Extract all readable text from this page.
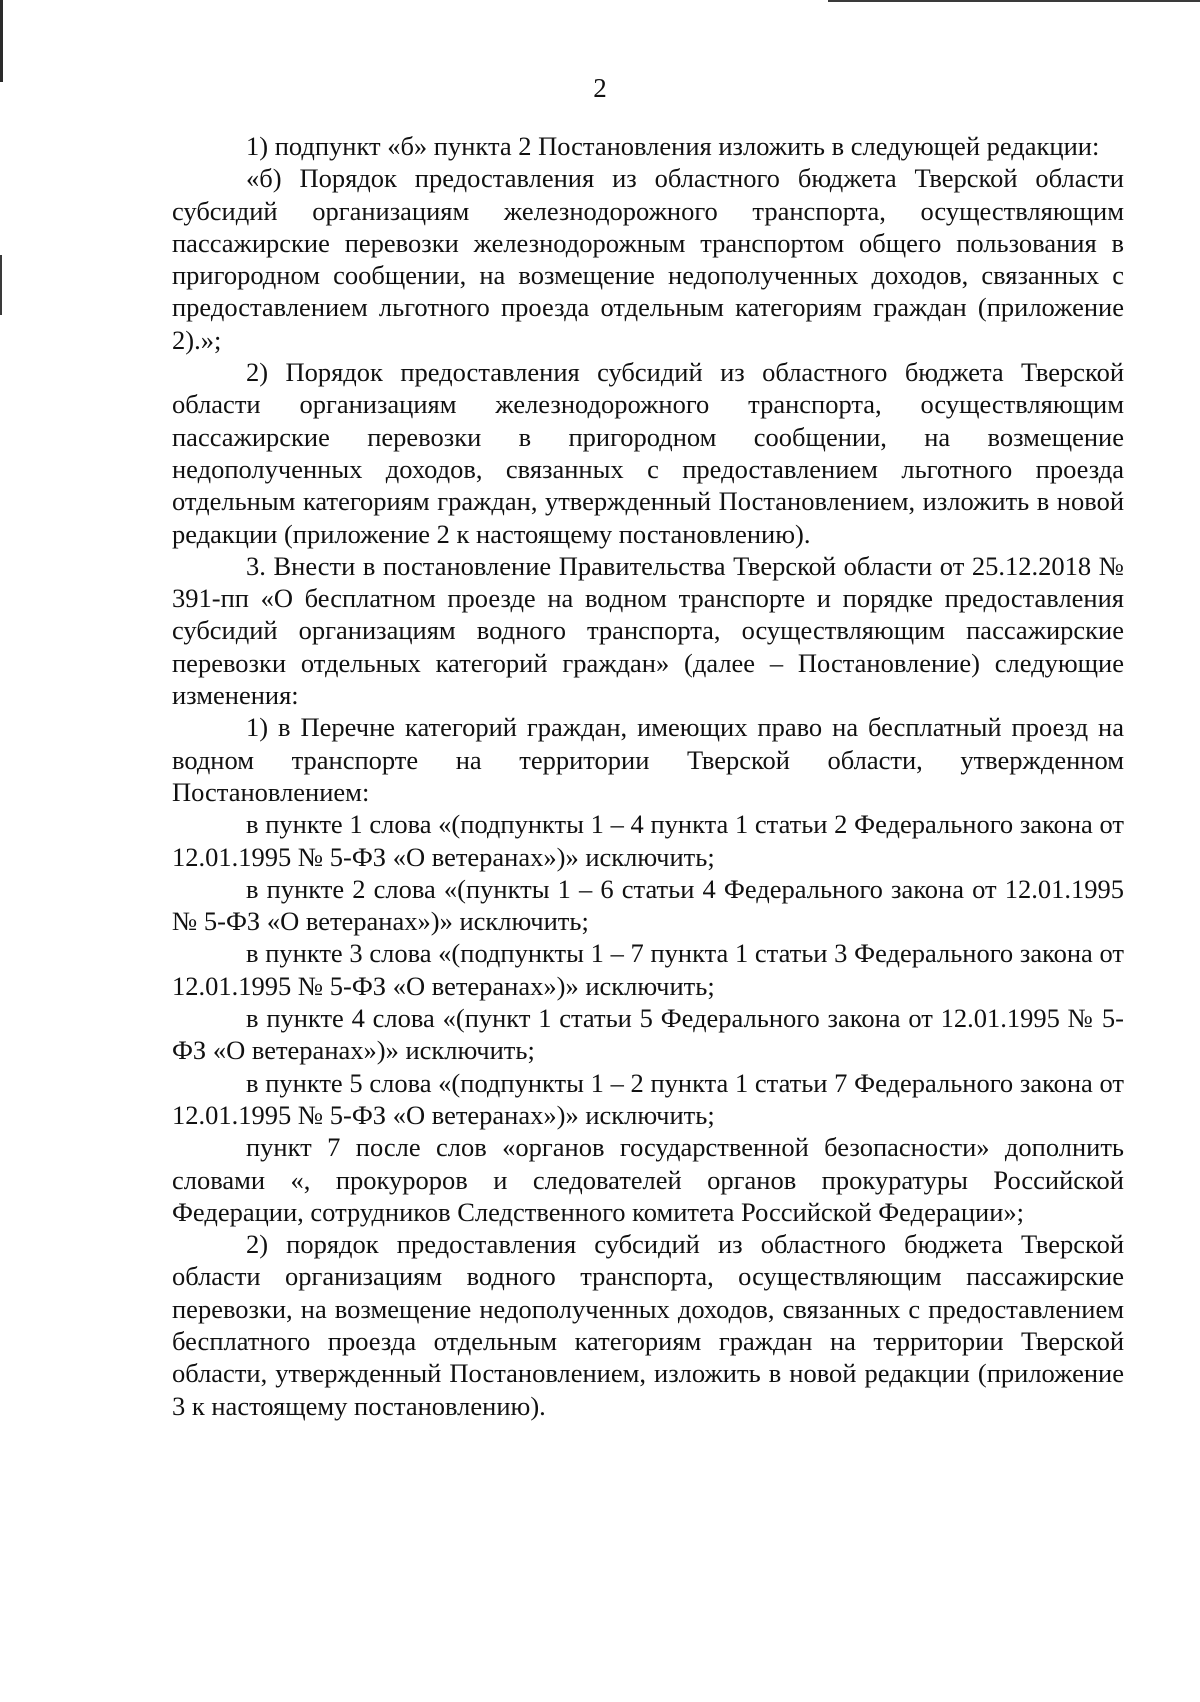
2

1) подпункт «б» пункта 2 Постановления изложить в следующей редакции:

«б) Порядок предоставления из областного бюджета Тверской области субсидий организациям железнодорожного транспорта, осуществляющим пассажирские перевозки железнодорожным транспортом общего пользования в пригородном сообщении, на возмещение недополученных доходов, связанных с предоставлением льготного проезда отдельным категориям граждан (приложение 2).»;

2) Порядок предоставления субсидий из областного бюджета Тверской области организациям железнодорожного транспорта, осуществляющим пассажирские перевозки в пригородном сообщении, на возмещение недополученных доходов, связанных с предоставлением льготного проезда отдельным категориям граждан, утвержденный Постановлением, изложить в новой редакции (приложение 2 к настоящему постановлению).

3. Внести в постановление Правительства Тверской области от 25.12.2018 № 391-пп «О бесплатном проезде на водном транспорте и порядке предоставления субсидий организациям водного транспорта, осуществляющим пассажирские перевозки отдельных категорий граждан» (далее – Постановление) следующие изменения:

1) в Перечне категорий граждан, имеющих право на бесплатный проезд на водном транспорте на территории Тверской области, утвержденном Постановлением:

в пункте 1 слова «(подпункты 1 – 4 пункта 1 статьи 2 Федерального закона от 12.01.1995 № 5-ФЗ «О ветеранах»)» исключить;

в пункте 2 слова «(пункты 1 – 6 статьи 4 Федерального закона от 12.01.1995 № 5-ФЗ «О ветеранах»)» исключить;

в пункте 3 слова «(подпункты 1 – 7 пункта 1 статьи 3 Федерального закона от 12.01.1995 № 5-ФЗ «О ветеранах»)» исключить;

в пункте 4 слова «(пункт 1 статьи 5 Федерального закона от 12.01.1995 № 5-ФЗ «О ветеранах»)» исключить;

в пункте 5 слова «(подпункты 1 – 2 пункта 1 статьи 7 Федерального закона от 12.01.1995 № 5-ФЗ «О ветеранах»)» исключить;

пункт 7 после слов «органов государственной безопасности» дополнить словами «, прокуроров и следователей органов прокуратуры Российской Федерации, сотрудников Следственного комитета Российской Федерации»;

2) порядок предоставления субсидий из областного бюджета Тверской области организациям водного транспорта, осуществляющим пассажирские перевозки, на возмещение недополученных доходов, связанных с предоставлением бесплатного проезда отдельным категориям граждан на территории Тверской области, утвержденный Постановлением, изложить в новой редакции (приложение 3 к настоящему постановлению).
